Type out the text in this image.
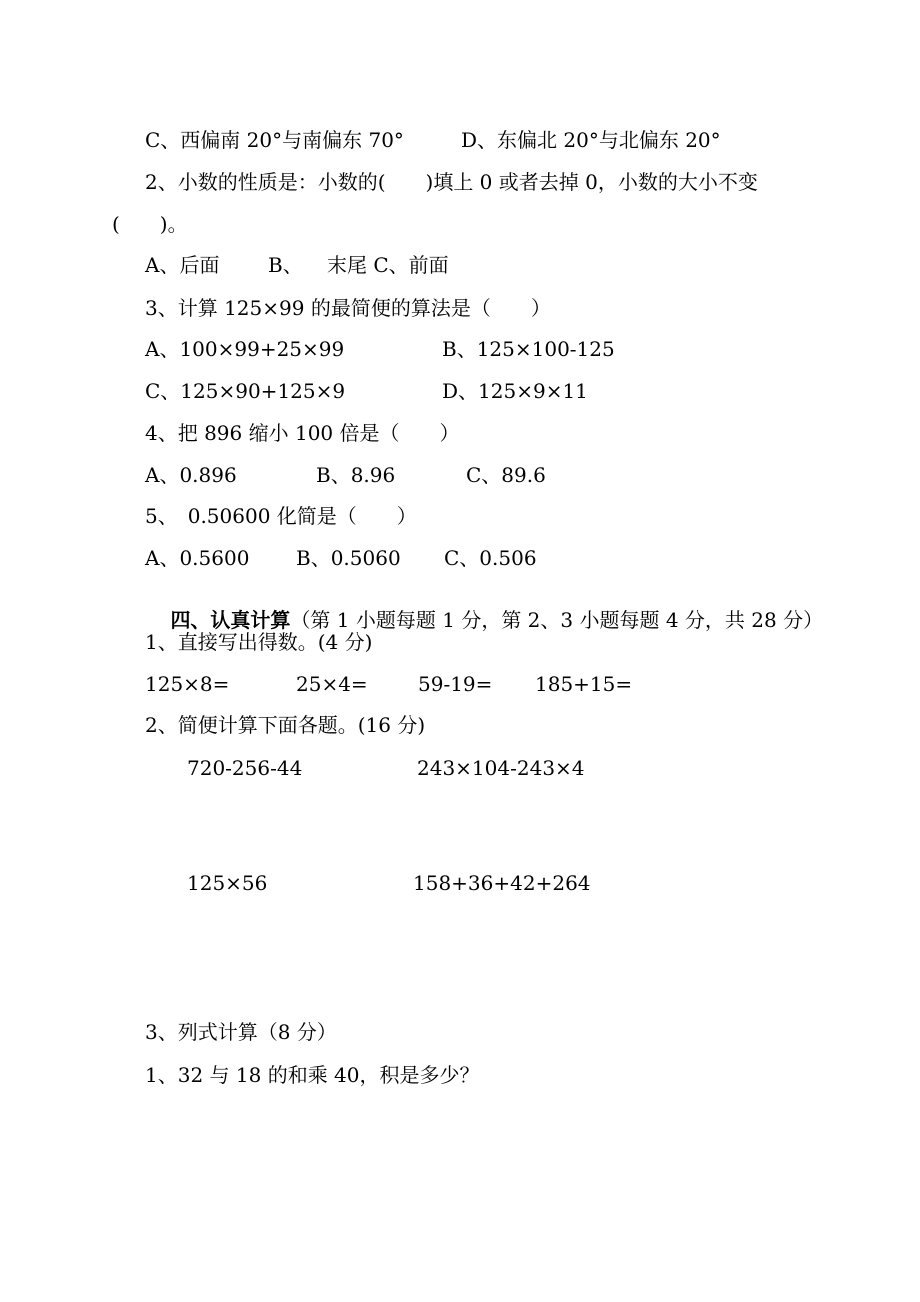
C、西偏南 20°与南偏东 70°	D、东偏北 20°与北偏东 20°
2、小数的性质是：小数的(　　)填上 0 或者去掉 0，小数的大小不变
(　　)。
A、后面 B、 末尾 C、前面
3、计算 125×99 的最简便的算法是（　　）
A、100×99+25×99	B、125×100-125
C、125×90+125×9	D、125×9×11
4、把 896 缩小 100 倍是（　　）
A、0.896	B、8.96	C、89.6
5、　0.50600 化简是（　　）
A、0.5600 B、0.5060 C、0.506

四、认真计算（第 1 小题每题 1 分，第 2、3 小题每题 4 分，共 28 分）

1、直接写出得数。(4 分)
125×8=	25×4=	59-19= 185+15=
2、简便计算下面各题。(16 分)
720-256-44	243×104-243×4
125×56	158+36+42+264
3、列式计算（8 分）
1、32 与 18 的和乘 40，积是多少？
